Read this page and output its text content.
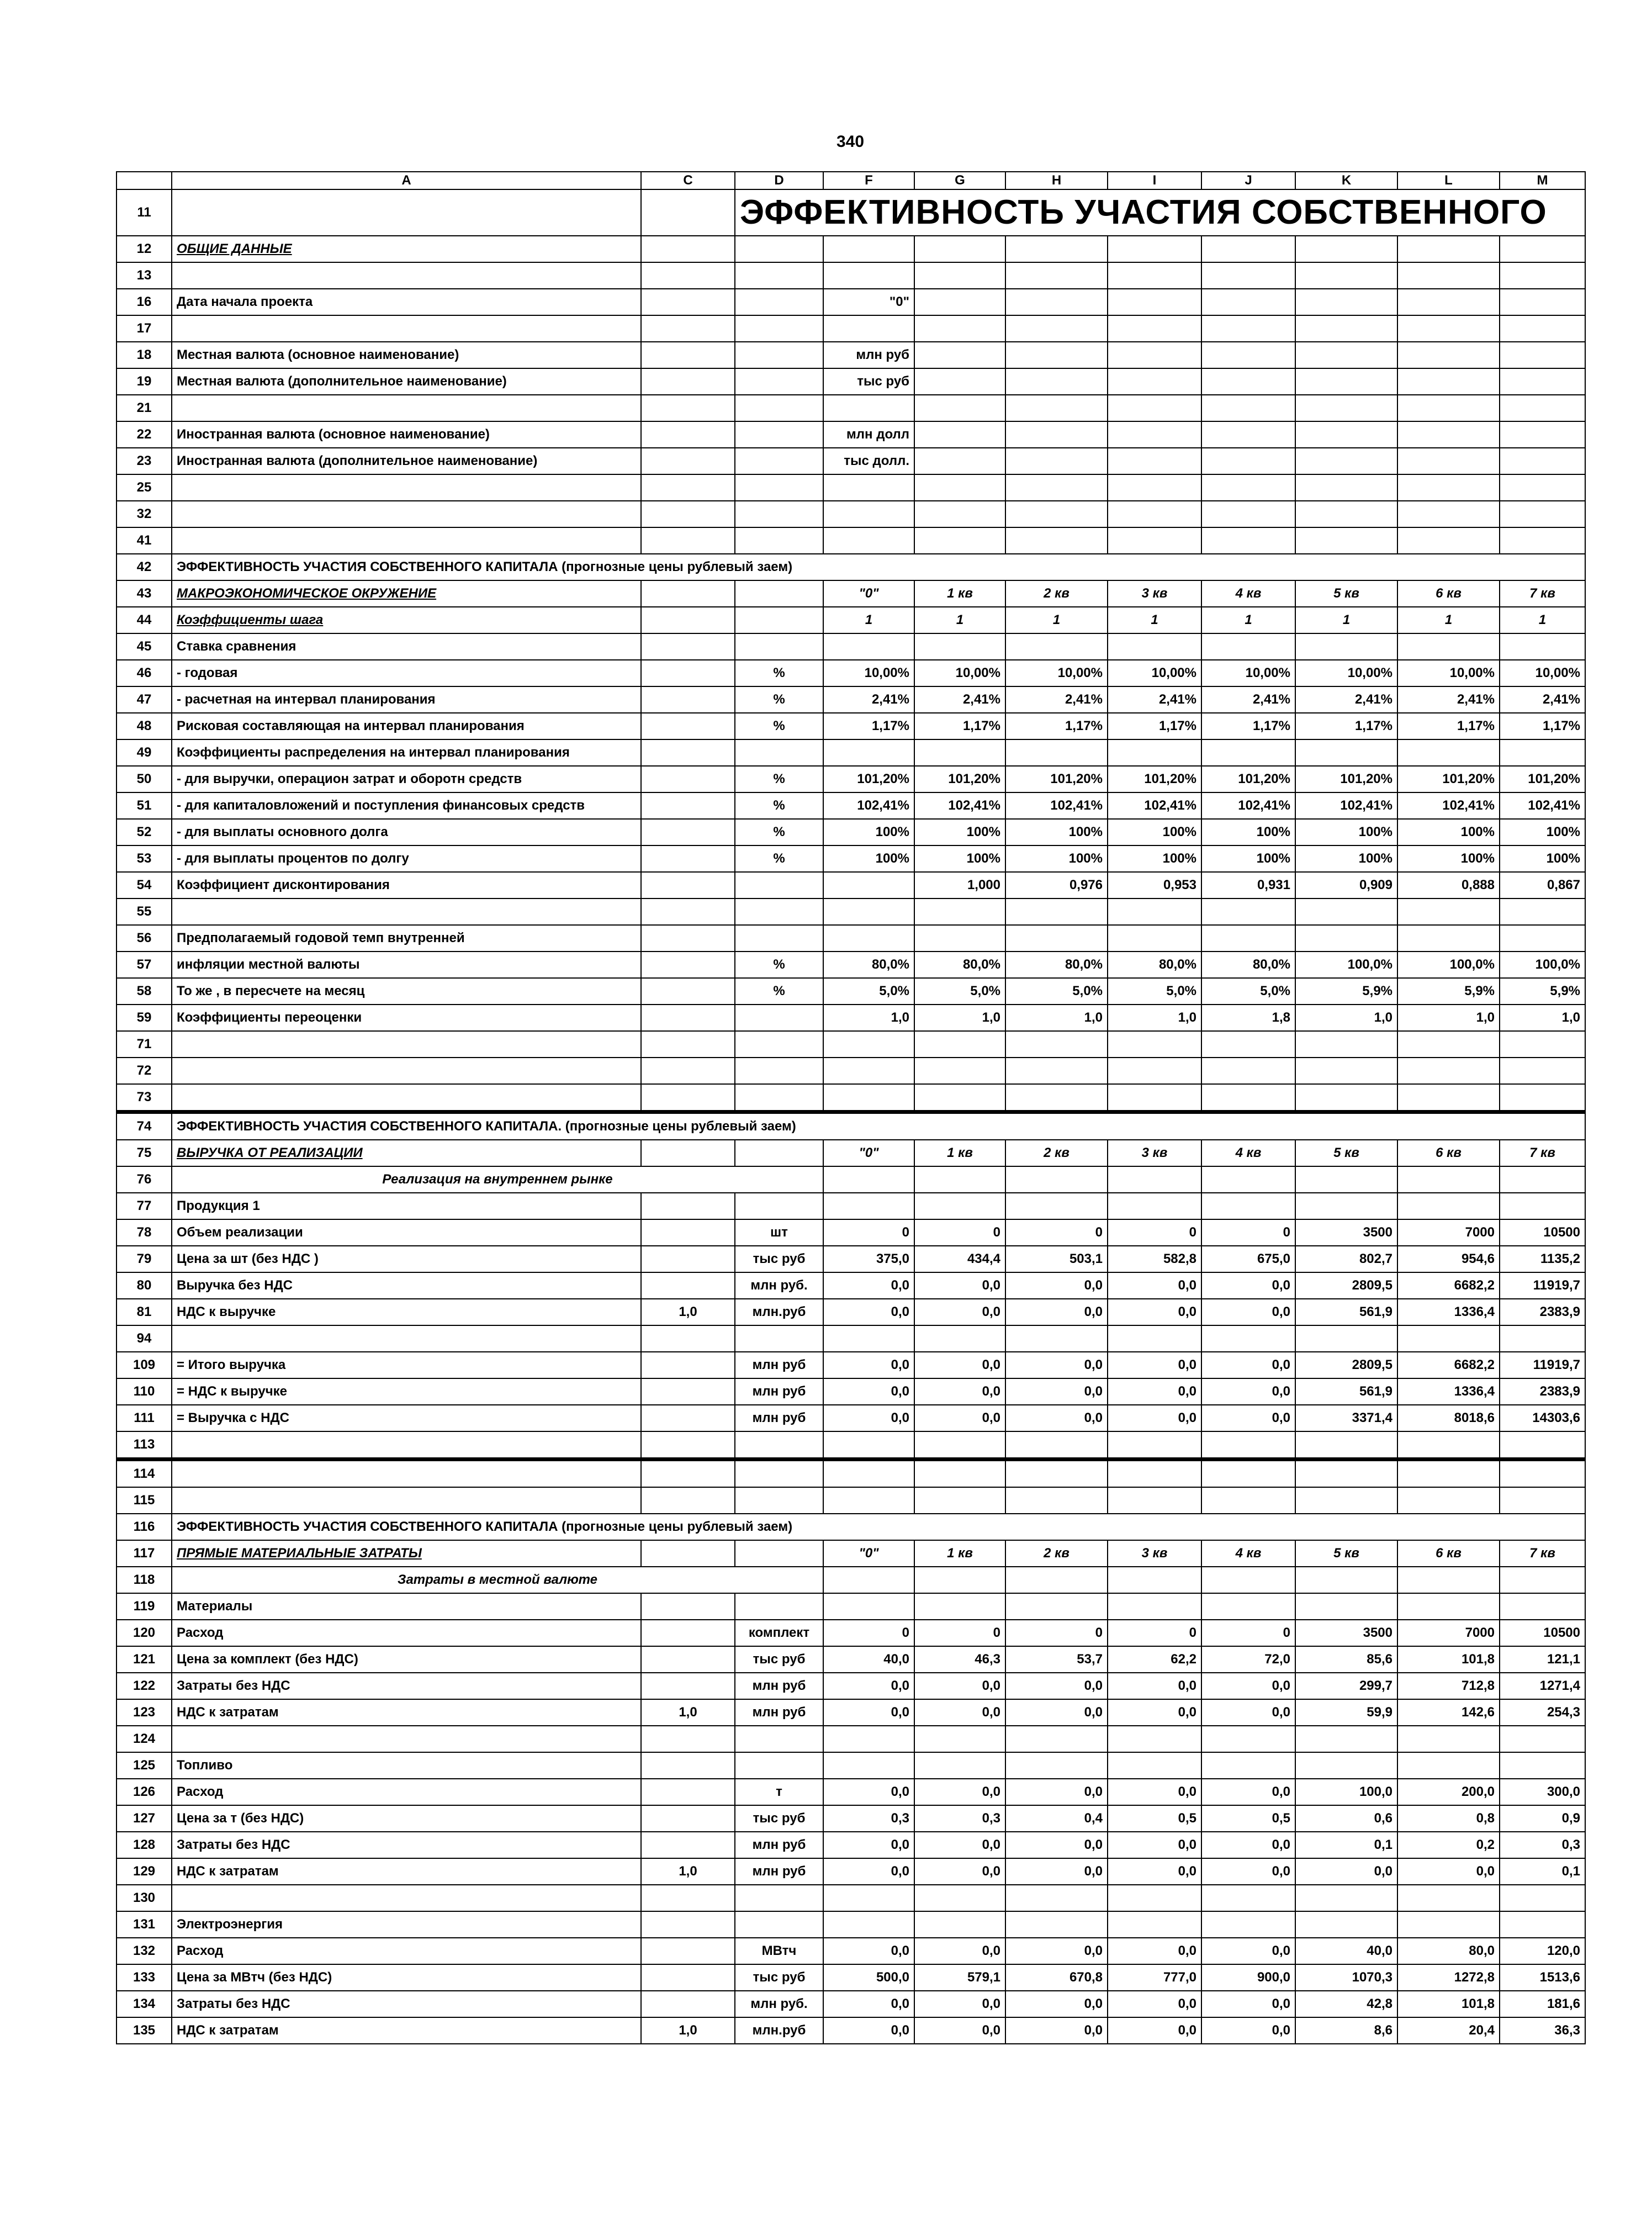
340
	A	C	D	F	G	H	I	J	K	L	M
11			ЭФФЕКТИВНОСТЬ УЧАСТИЯ СОБСТВЕННОГО								
12	ОБЩИЕ ДАННЫЕ										
13											
16	Дата начала проекта			"0"							
17											
18	Местная валюта (основное наименование)			млн руб							
19	Местная валюта (дополнительное наименование)			тыс руб							
21											
22	Иностранная валюта (основное наименование)			млн долл							
23	Иностранная валюта (дополнительное наименование)			тыс долл.							
25											
32											
41											
42	ЭФФЕКТИВНОСТЬ УЧАСТИЯ СОБСТВЕННОГО КАПИТАЛА (прогнозные цены рублевый заем)										
43	МАКРОЭКОНОМИЧЕСКОЕ ОКРУЖЕНИЕ			"0"	1 кв	2 кв	3 кв	4 кв	5 кв	6 кв	7 кв
44	Коэффициенты шага			1	1	1	1	1	1	1	1
45	Ставка сравнения										
46	- годовая		%	10,00%	10,00%	10,00%	10,00%	10,00%	10,00%	10,00%	10,00%
47	- расчетная на интервал планирования		%	2,41%	2,41%	2,41%	2,41%	2,41%	2,41%	2,41%	2,41%
48	Рисковая составляющая на интервал планирования		%	1,17%	1,17%	1,17%	1,17%	1,17%	1,17%	1,17%	1,17%
49	Коэффициенты распределения на интервал планирования										
50	- для выручки, операцион затрат и оборотн средств		%	101,20%	101,20%	101,20%	101,20%	101,20%	101,20%	101,20%	101,20%
51	- для капиталовложений и поступления финансовых средств		%	102,41%	102,41%	102,41%	102,41%	102,41%	102,41%	102,41%	102,41%
52	- для выплаты основного долга		%	100%	100%	100%	100%	100%	100%	100%	100%
53	- для выплаты процентов по долгу		%	100%	100%	100%	100%	100%	100%	100%	100%
54	Коэффициент дисконтирования				1,000	0,976	0,953	0,931	0,909	0,888	0,867
55											
56	Предполагаемый годовой темп внутренней										
57	инфляции местной валюты		%	80,0%	80,0%	80,0%	80,0%	80,0%	100,0%	100,0%	100,0%
58	То же , в пересчете на месяц		%	5,0%	5,0%	5,0%	5,0%	5,0%	5,9%	5,9%	5,9%
59	Коэффициенты переоценки			1,0	1,0	1,0	1,0	1,8	1,0	1,0	1,0
71											
72											
73											
74	ЭФФЕКТИВНОСТЬ УЧАСТИЯ СОБСТВЕННОГО КАПИТАЛА. (прогнозные цены рублевый заем)										
75	ВЫРУЧКА ОТ РЕАЛИЗАЦИИ			"0"	1 кв	2 кв	3 кв	4 кв	5 кв	6 кв	7 кв
76	Реализация на внутреннем рынке										
77	Продукция 1										
78	Объем реализации		шт	0	0	0	0	0	3500	7000	10500
79	Цена за шт (без НДС )		тыс руб	375,0	434,4	503,1	582,8	675,0	802,7	954,6	1135,2
80	Выручка без НДС		млн руб.	0,0	0,0	0,0	0,0	0,0	2809,5	6682,2	11919,7
81	НДС к выручке	1,0	млн.руб	0,0	0,0	0,0	0,0	0,0	561,9	1336,4	2383,9
94											
109	= Итого выручка		млн руб	0,0	0,0	0,0	0,0	0,0	2809,5	6682,2	11919,7
110	= НДС к выручке		млн руб	0,0	0,0	0,0	0,0	0,0	561,9	1336,4	2383,9
111	= Выручка с НДС		млн руб	0,0	0,0	0,0	0,0	0,0	3371,4	8018,6	14303,6
113											
114											
115											
116	ЭФФЕКТИВНОСТЬ УЧАСТИЯ СОБСТВЕННОГО КАПИТАЛА (прогнозные цены рублевый заем)										
117	ПРЯМЫЕ МАТЕРИАЛЬНЫЕ ЗАТРАТЫ			"0"	1 кв	2 кв	3 кв	4 кв	5 кв	6 кв	7 кв
118	Затраты в местной валюте										
119	Материалы										
120	Расход		комплект	0	0	0	0	0	3500	7000	10500
121	Цена за комплект (без НДС)		тыс руб	40,0	46,3	53,7	62,2	72,0	85,6	101,8	121,1
122	Затраты без НДС		млн руб	0,0	0,0	0,0	0,0	0,0	299,7	712,8	1271,4
123	НДС к затратам	1,0	млн руб	0,0	0,0	0,0	0,0	0,0	59,9	142,6	254,3
124											
125	Топливо										
126	Расход		т	0,0	0,0	0,0	0,0	0,0	100,0	200,0	300,0
127	Цена за т (без НДС)		тыс руб	0,3	0,3	0,4	0,5	0,5	0,6	0,8	0,9
128	Затраты без НДС		млн руб	0,0	0,0	0,0	0,0	0,0	0,1	0,2	0,3
129	НДС к затратам	1,0	млн руб	0,0	0,0	0,0	0,0	0,0	0,0	0,0	0,1
130											
131	Электроэнергия										
132	Расход		МВтч	0,0	0,0	0,0	0,0	0,0	40,0	80,0	120,0
133	Цена за МВтч (без НДС)		тыс руб	500,0	579,1	670,8	777,0	900,0	1070,3	1272,8	1513,6
134	Затраты без НДС		млн руб.	0,0	0,0	0,0	0,0	0,0	42,8	101,8	181,6
135	НДС к затратам	1,0	млн.руб	0,0	0,0	0,0	0,0	0,0	8,6	20,4	36,3
